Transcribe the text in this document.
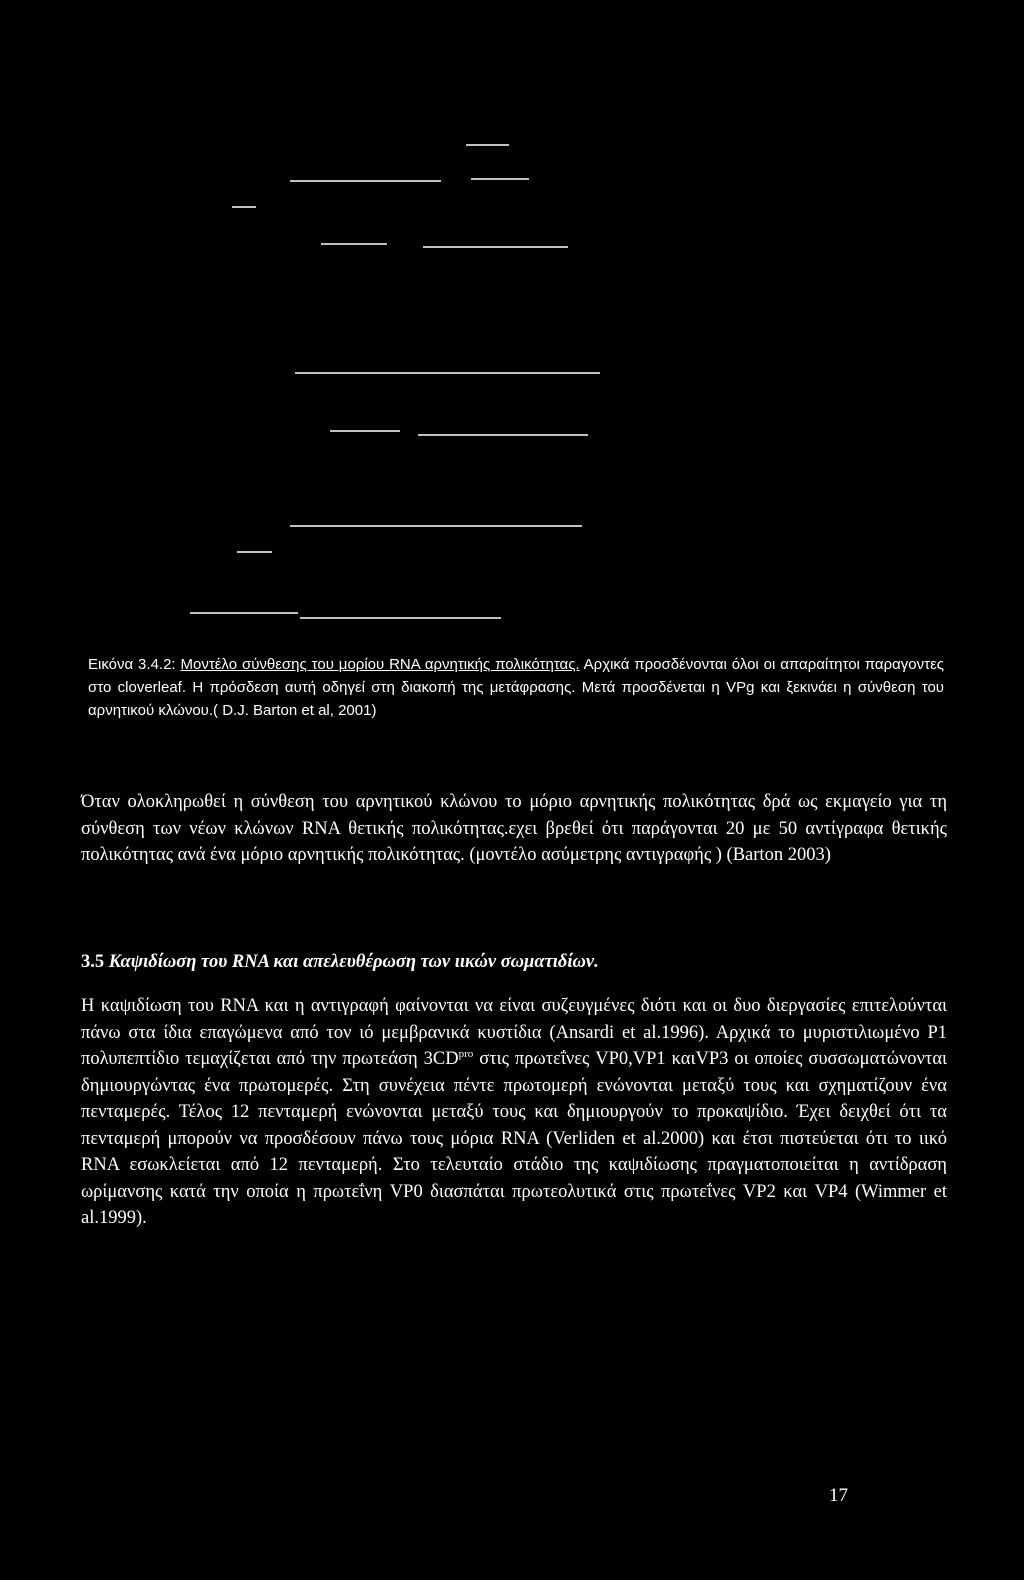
Εικόνα 3.4.2: Μοντέλο σύνθεσης του μορίου RNA αρνητικής πολικότητας. Αρχικά προσδένονται όλοι οι απαραίτητοι παραγοντες στο cloverleaf. Η πρόσδεση αυτή οδηγεί στη διακοπή της μετάφρασης. Μετά προσδένεται η VPg και ξεκινάει η σύνθεση του αρνητικού κλώνου.( D.J. Barton et al, 2001)

Όταν ολοκληρωθεί η σύνθεση του αρνητικού κλώνου το μόριο αρνητικής πολικότητας δρά ως εκμαγείο για τη σύνθεση των νέων κλώνων RNA θετικής πολικότητας.εχει βρεθεί ότι παράγονται 20 με 50 αντίγραφα θετικής πολικότητας ανά ένα μόριο αρνητικής πολικότητας. (μοντέλο ασύμετρης αντιγραφής ) (Barton 2003)

3.5 Καψιδίωση του RNA και απελευθέρωση των ιικών σωματιδίων.

Η καψιδίωση του RNA και η αντιγραφή φαίνονται να είναι συζευγμένες διότι και οι δυο διεργασίες επιτελούνται πάνω στα ίδια επαγώμενα από τον ιό μεμβρανικά κυστίδια (Ansardi et al.1996). Αρχικά το μυριστιλιωμένο P1 πολυπεπτίδιο τεμαχίζεται από την πρωτεάση $3CD^{pro}$ στις πρωτεΐνες VP0,VP1 καιVP3 οι οποίες συσσωματώνονται δημιουργώντας ένα πρωτομερές. Στη συνέχεια πέντε πρωτομερή ενώνονται μεταξύ τους και σχηματίζουν ένα πενταμερές. Τέλος 12 πενταμερή ενώνονται μεταξύ τους και δημιουργούν το προκαψίδιο. Έχει δειχθεί ότι τα πενταμερή μπορούν να προσδέσουν πάνω τους μόρια RNA (Verliden et al.2000) και έτσι πιστεύεται ότι το ιικό RNA εσωκλείεται από 12 πενταμερή. Στο τελευταίο στάδιο της καψιδίωσης πραγματοποιείται η αντίδραση ωρίμανσης κατά την οποία η πρωτεΐνη VP0 διασπάται πρωτεολυτικά στις πρωτεΐνες VP2 και VP4 (Wimmer et al.1999).

17
